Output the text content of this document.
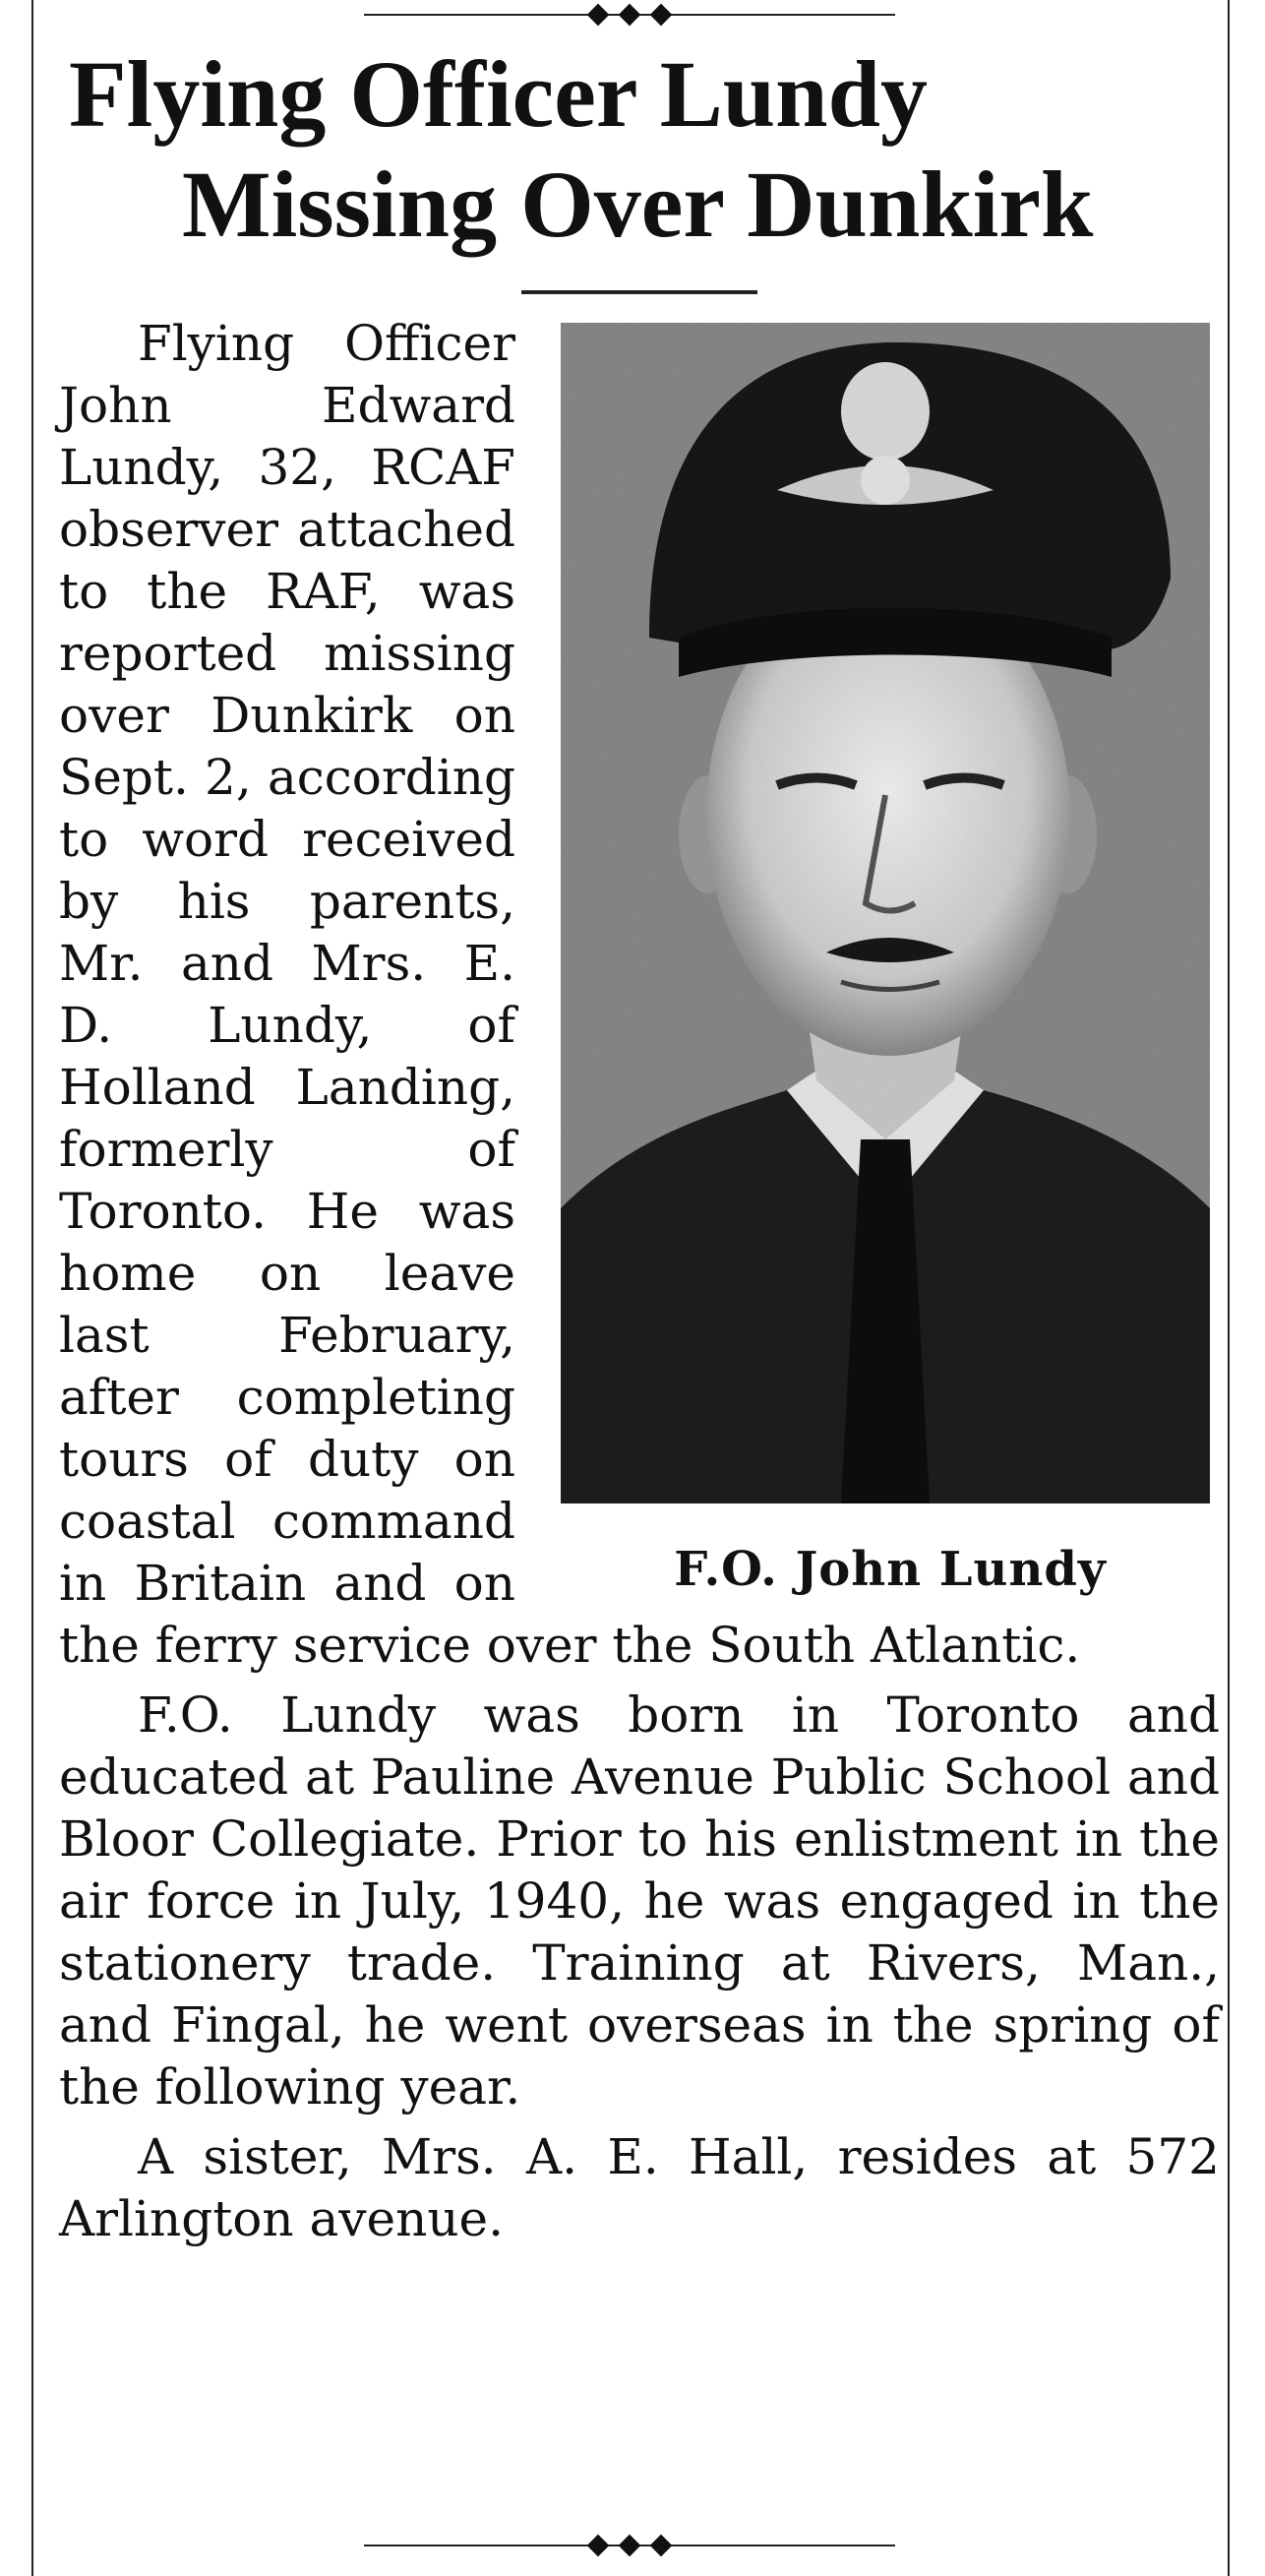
Flying Officer Lundy
Missing Over Dunkirk
F.O. John Lundy

Flying Officer John Edward Lundy, 32, RCAF observer attached to the RAF, was reported missing over Dunkirk on Sept. 2, according to word received by his parents, Mr. and Mrs. E. D. Lundy, of Holland Landing, formerly of Toronto. He was home on leave last February, after completing tours of duty on coastal command in Britain and on the ferry service over the South Atlantic.

F.O. Lundy was born in Toronto and educated at Pauline Avenue Public School and Bloor Collegiate. Prior to his enlistment in the air force in July, 1940, he was engaged in the stationery trade. Training at Rivers, Man., and Fingal, he went overseas in the spring of the following year.

A sister, Mrs. A. E. Hall, resides at 572 Arlington avenue.
